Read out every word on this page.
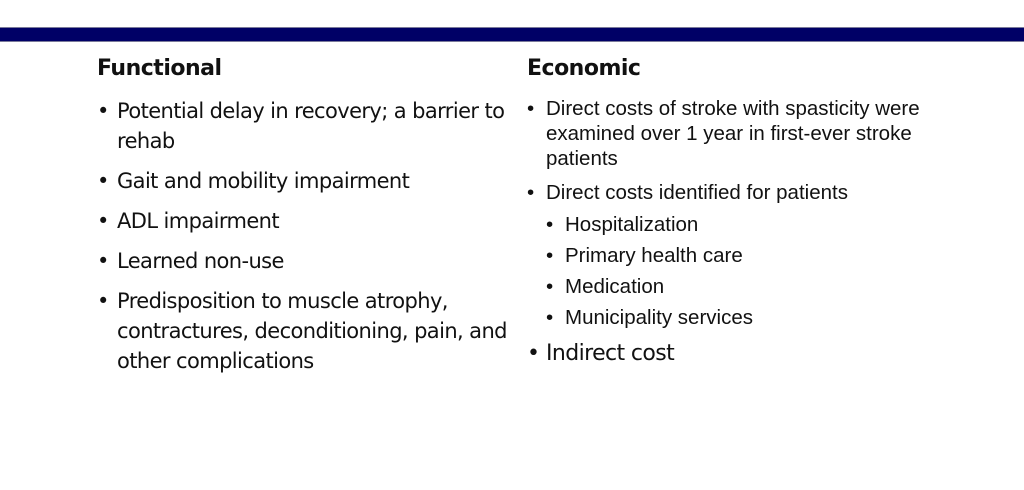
Functional
• Potential delay in recovery; a barrier to rehab
• Gait and mobility impairment
• ADL impairment
• Learned non-use
• Predisposition to muscle atrophy, contractures, deconditioning, pain, and other complications
Economic
• Direct costs of stroke with spasticity were examined over 1 year in first-ever stroke patients
• Direct costs identified for patients
• Hospitalization
• Primary health care
• Medication
• Municipality services
• Indirect cost
